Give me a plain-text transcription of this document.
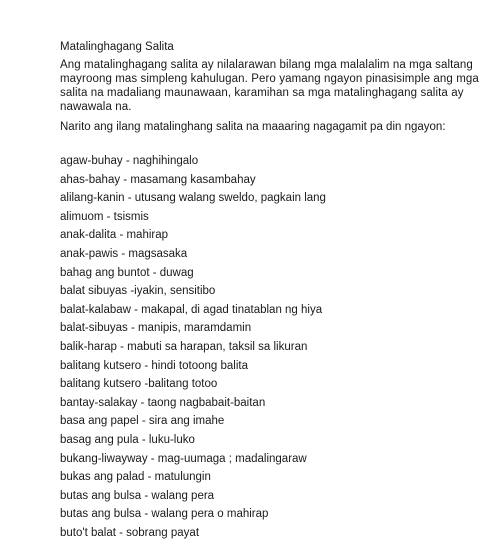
Matalinghagang Salita

Ang matalinghagang salita ay nilalarawan bilang mga malalalim na mga saltang mayroong mas simpleng kahulugan. Pero yamang ngayon pinasisimple ang mga salita na madaliang maunawaan, karamihan sa mga matalinghagang salita ay nawawala na.

Narito ang ilang matalinghang salita na maaaring nagagamit pa din ngayon:

agaw-buhay - naghihingalo
ahas-bahay - masamang kasambahay
alilang-kanin - utusang walang sweldo, pagkain lang
alimuom - tsismis
anak-dalita - mahirap
anak-pawis - magsasaka
bahag ang buntot - duwag
balat sibuyas -iyakin, sensitibo
balat-kalabaw - makapal, di agad tinatablan ng hiya
balat-sibuyas - manipis, maramdamin
balik-harap - mabuti sa harapan, taksil sa likuran
balitang kutsero - hindi totoong balita
balitang kutsero -balitang totoo
bantay-salakay - taong nagbabait-baitan
basa ang papel - sira ang imahe
basag ang pula - luku-luko
bukang-liwayway - mag-uumaga ; madalingaraw
bukas ang palad - matulungin
butas ang bulsa - walang pera
butas ang bulsa - walang pera o mahirap
buto't balat - sobrang payat
